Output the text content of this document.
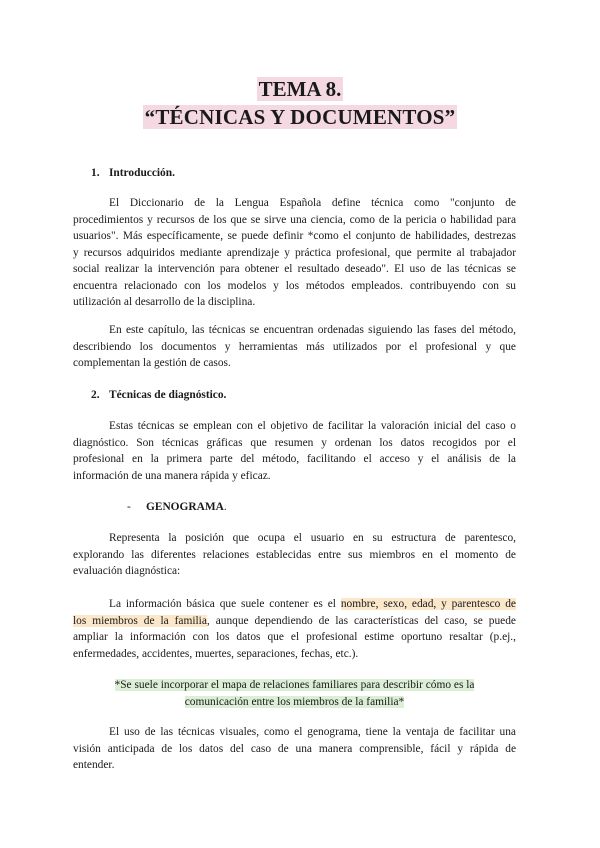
TEMA 8.
“TÉCNICAS Y DOCUMENTOS”
1. Introducción.
El Diccionario de la Lengua Española define técnica como "conjunto de
procedimientos y recursos de los que se sirve una ciencia, como de la pericia o habilidad para
usuarios". Más específicamente, se puede definir *como el conjunto de habilidades, destrezas
y recursos adquiridos mediante aprendizaje y práctica profesional, que permite al trabajador
social realizar la intervención para obtener el resultado deseado". El uso de las técnicas se
encuentra relacionado con los modelos y los métodos empleados. contribuyendo con su
utilización al desarrollo de la disciplina.
En este capítulo, las técnicas se encuentran ordenadas siguiendo las fases del método,
describiendo los documentos y herramientas más utilizados por el profesional y que
complementan la gestión de casos.
2. Técnicas de diagnóstico.
Estas técnicas se emplean con el objetivo de facilitar la valoración inicial del caso o
diagnóstico. Son técnicas gráficas que resumen y ordenan los datos recogidos por el
profesional en la primera parte del método, facilitando el acceso y el análisis de la
información de una manera rápida y eficaz.
- GENOGRAMA.
Representa la posición que ocupa el usuario en su estructura de parentesco,
explorando las diferentes relaciones establecidas entre sus miembros en el momento de
evaluación diagnóstica:
La información básica que suele contener es el nombre, sexo, edad, y parentesco de
los miembros de la familia, aunque dependiendo de las características del caso, se puede
ampliar la información con los datos que el profesional estime oportuno resaltar (p.ej.,
enfermedades, accidentes, muertes, separaciones, fechas, etc.).
*Se suele incorporar el mapa de relaciones familiares para describir cómo es la
comunicación entre los miembros de la familia*
El uso de las técnicas visuales, como el genograma, tiene la ventaja de facilitar una
visión anticipada de los datos del caso de una manera comprensible, fácil y rápida de
entender.
